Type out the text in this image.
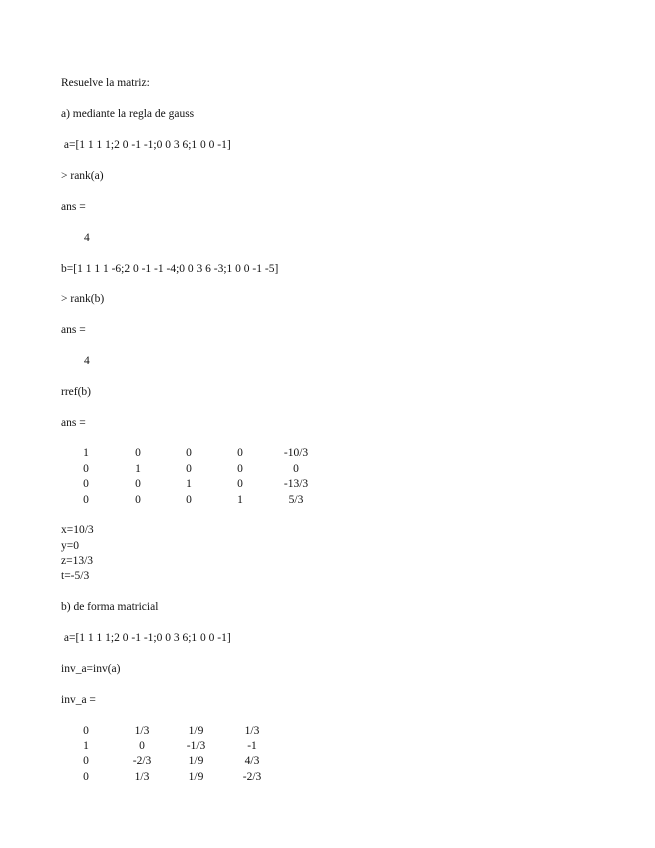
Resuelve la matriz:
a) mediante la regla de gauss
a=[1 1 1 1;2 0 -1 -1;0 0 3 6;1 0 0 -1]
> rank(a)
ans =
4
b=[1 1 1 1 -6;2 0 -1 -1 -4;0 0 3 6 -3;1 0 0 -1 -5]
> rank(b)
ans =
4
rref(b)
ans =
1	0	0	0	-10/3
0	1	0	0	0
0	0	1	0	-13/3
0	0	0	1	5/3
x=10/3
y=0
z=13/3
t=-5/3
b) de forma matricial
a=[1 1 1 1;2 0 -1 -1;0 0 3 6;1 0 0 -1]
inv_a=inv(a)
inv_a =
0	1/3	1/9	1/3
1	0	-1/3	-1
0	-2/3	1/9	4/3
0	1/3	1/9	-2/3
